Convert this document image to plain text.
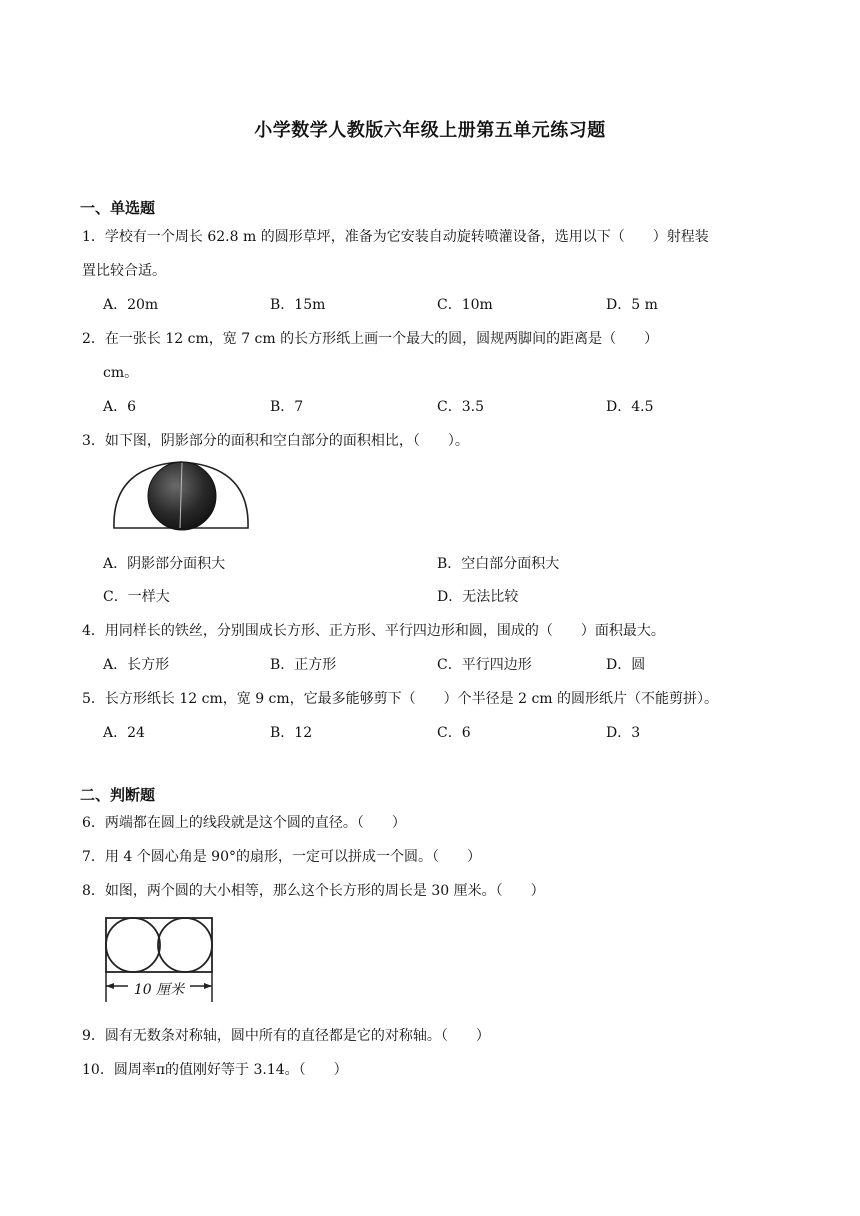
小学数学人教版六年级上册第五单元练习题
一、单选题
1．学校有一个周长 62.8 m 的圆形草坪，准备为它安装自动旋转喷灌设备，选用以下（　　）射程装
置比较合适。
A．20m	B．15m	C．10m	D．5 m
2．在一张长 12 cm，宽 7 cm 的长方形纸上画一个最大的圆，圆规两脚间的距离是（　　）
cm。
A．6	B．7	C．3.5	D．4.5
3．如下图，阴影部分的面积和空白部分的面积相比，（　　）。
A．阴影部分面积大	B．空白部分面积大
C．一样大	D．无法比较
4．用同样长的铁丝，分别围成长方形、正方形、平行四边形和圆，围成的（　　）面积最大。
A．长方形	B．正方形	C．平行四边形	D．圆
5．长方形纸长 12 cm，宽 9 cm，它最多能够剪下（　　）个半径是 2 cm 的圆形纸片（不能剪拼）。
A．24	B．12	C．6	D．3
二、判断题
6．两端都在圆上的线段就是这个圆的直径。（　　）
7．用 4 个圆心角是 90°的扇形，一定可以拼成一个圆。（　　）
8．如图，两个圆的大小相等，那么这个长方形的周长是 30 厘米。（　　）
10 厘米
9．圆有无数条对称轴，圆中所有的直径都是它的对称轴。（　　）
10．圆周率π的值刚好等于 3.14。（　　）
